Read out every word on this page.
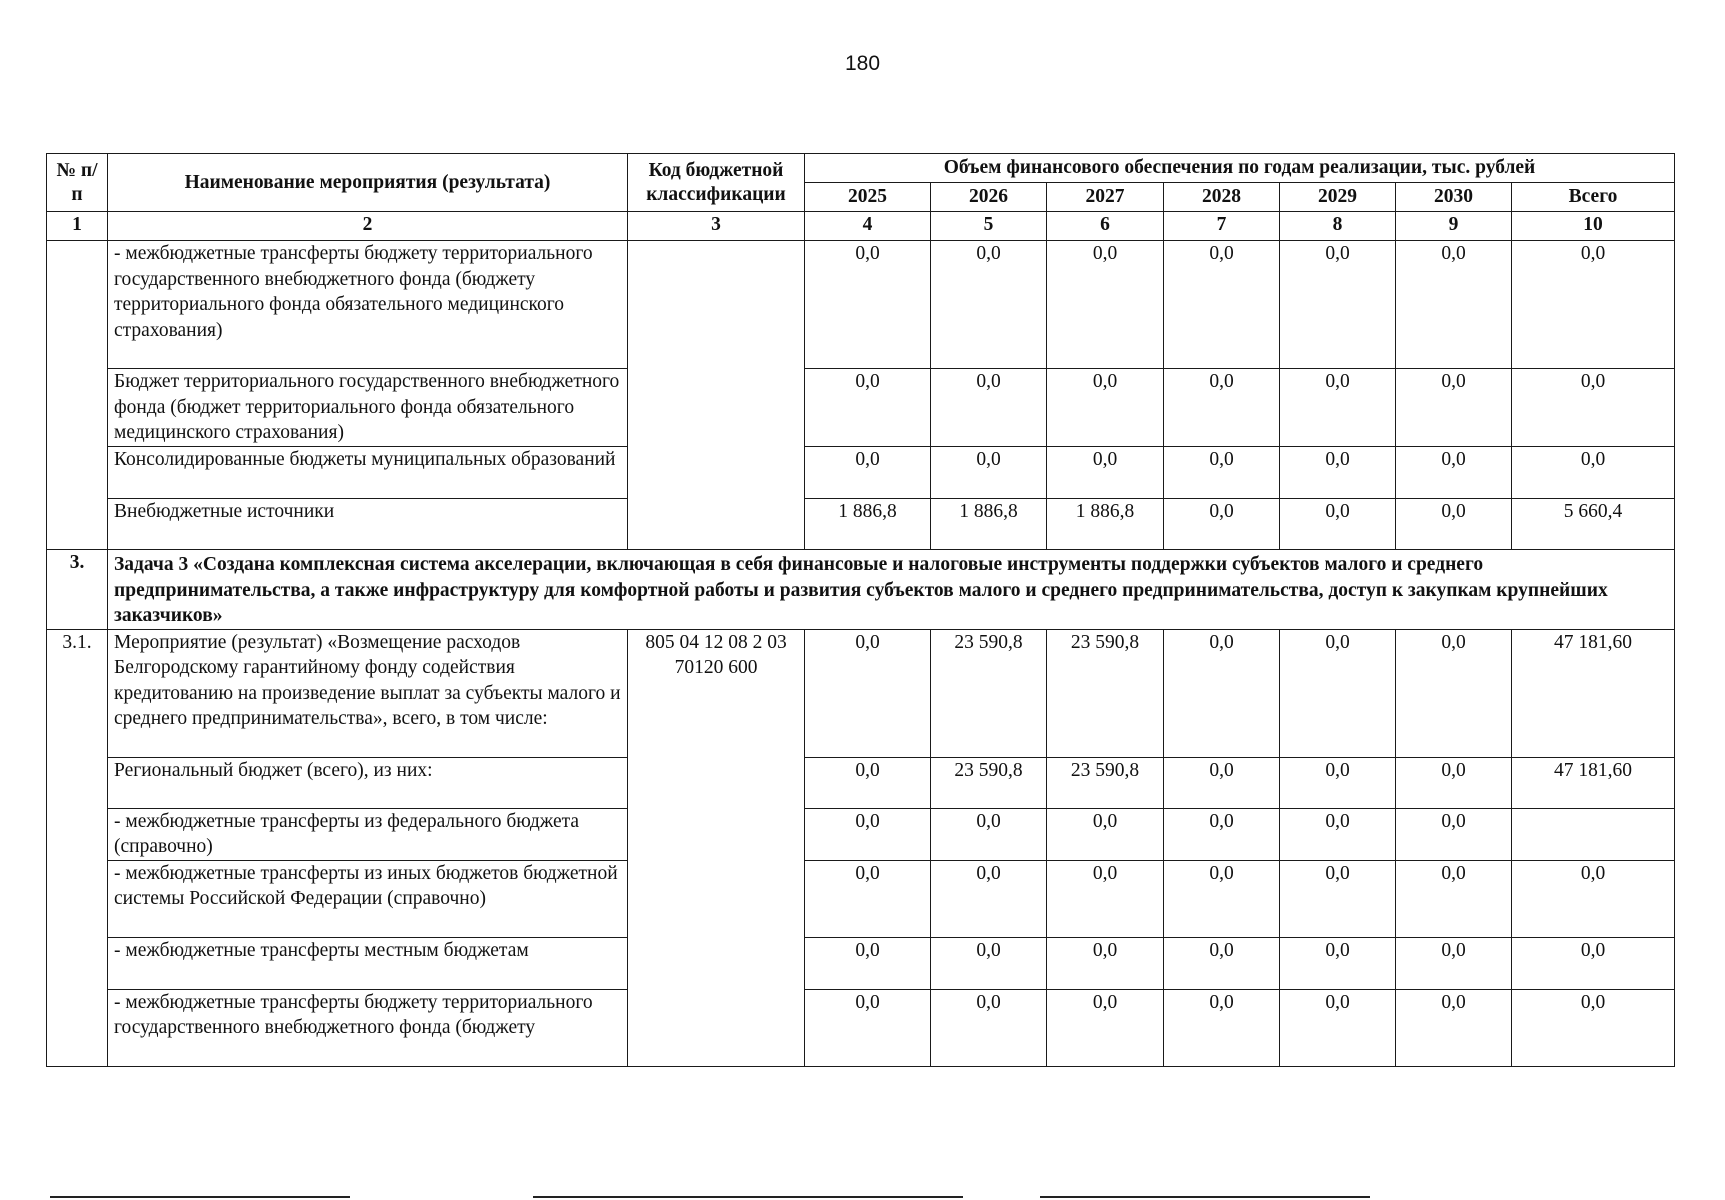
180
№ п/п	Наименование мероприятия (результата)	Код бюджетной классификации	Объем финансового обеспечения по годам реализации, тыс. рублей						
			2025	2026	2027	2028	2029	2030	Всего
1	2	3	4	5	6	7	8	9	10
	- межбюджетные трансферты бюджету территориального государственного внебюджетного фонда (бюджету территориального фонда обязательного медицинского страхования)		0,0	0,0	0,0	0,0	0,0	0,0	0,0
	Бюджет территориального государственного внебюджетного фонда (бюджет территориального фонда обязательного медицинского страхования)		0,0	0,0	0,0	0,0	0,0	0,0	0,0
	Консолидированные бюджеты муниципальных образований		0,0	0,0	0,0	0,0	0,0	0,0	0,0
	Внебюджетные источники		1 886,8	1 886,8	1 886,8	0,0	0,0	0,0	5 660,4
3.	Задача 3 «Создана комплексная система акселерации, включающая в себя финансовые и налоговые инструменты поддержки субъектов малого и среднего предпринимательства, а также инфраструктуру для комфортной работы и развития субъектов малого и среднего предпринимательства, доступ к закупкам крупнейших заказчиков»								
3.1.	Мероприятие (результат) «Возмещение расходов Белгородскому гарантийному фонду содействия кредитованию на произведение выплат за субъекты малого и среднего предпринимательства», всего, в том числе:	805 04 12 08 2 03 70120 600	0,0	23 590,8	23 590,8	0,0	0,0	0,0	47 181,60
	Региональный бюджет (всего), из них:		0,0	23 590,8	23 590,8	0,0	0,0	0,0	47 181,60
	- межбюджетные трансферты из федерального бюджета (справочно)		0,0	0,0	0,0	0,0	0,0	0,0	
	- межбюджетные трансферты из иных бюджетов бюджетной системы Российской Федерации (справочно)		0,0	0,0	0,0	0,0	0,0	0,0	0,0
	- межбюджетные трансферты местным бюджетам		0,0	0,0	0,0	0,0	0,0	0,0	0,0
	- межбюджетные трансферты бюджету территориального государственного внебюджетного фонда (бюджету		0,0	0,0	0,0	0,0	0,0	0,0	0,0
